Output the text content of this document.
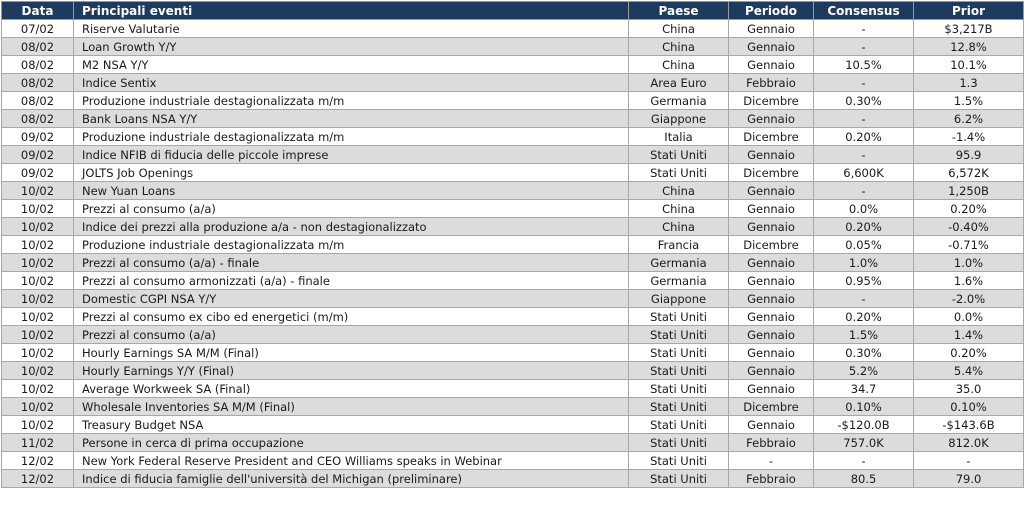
Data	Principali eventi	Paese	Periodo	Consensus	Prior
07/02	Riserve Valutarie	China	Gennaio	-	$3,217B
08/02	Loan Growth Y/Y	China	Gennaio	-	12.8%
08/02	M2 NSA Y/Y	China	Gennaio	10.5%	10.1%
08/02	Indice Sentix	Area Euro	Febbraio	-	1.3
08/02	Produzione industriale destagionalizzata m/m	Germania	Dicembre	0.30%	1.5%
08/02	Bank Loans NSA Y/Y	Giappone	Gennaio	-	6.2%
09/02	Produzione industriale destagionalizzata m/m	Italia	Dicembre	0.20%	-1.4%
09/02	Indice NFIB di fiducia delle piccole imprese	Stati Uniti	Gennaio	-	95.9
09/02	JOLTS Job Openings	Stati Uniti	Dicembre	6,600K	6,572K
10/02	New Yuan Loans	China	Gennaio	-	1,250B
10/02	Prezzi al consumo (a/a)	China	Gennaio	0.0%	0.20%
10/02	Indice dei prezzi alla produzione a/a - non destagionalizzato	China	Gennaio	0.20%	-0.40%
10/02	Produzione industriale destagionalizzata m/m	Francia	Dicembre	0.05%	-0.71%
10/02	Prezzi al consumo (a/a) - finale	Germania	Gennaio	1.0%	1.0%
10/02	Prezzi al consumo armonizzati (a/a) - finale	Germania	Gennaio	0.95%	1.6%
10/02	Domestic CGPI NSA Y/Y	Giappone	Gennaio	-	-2.0%
10/02	Prezzi al consumo ex cibo ed energetici (m/m)	Stati Uniti	Gennaio	0.20%	0.0%
10/02	Prezzi al consumo (a/a)	Stati Uniti	Gennaio	1.5%	1.4%
10/02	Hourly Earnings SA M/M (Final)	Stati Uniti	Gennaio	0.30%	0.20%
10/02	Hourly Earnings Y/Y (Final)	Stati Uniti	Gennaio	5.2%	5.4%
10/02	Average Workweek SA (Final)	Stati Uniti	Gennaio	34.7	35.0
10/02	Wholesale Inventories SA M/M (Final)	Stati Uniti	Dicembre	0.10%	0.10%
10/02	Treasury Budget NSA	Stati Uniti	Gennaio	-$120.0B	-$143.6B
11/02	Persone in cerca di prima occupazione	Stati Uniti	Febbraio	757.0K	812.0K
12/02	New York Federal Reserve President and CEO Williams speaks in Webinar	Stati Uniti	-	-	-
12/02	Indice di fiducia famiglie dell'università del Michigan (preliminare)	Stati Uniti	Febbraio	80.5	79.0
